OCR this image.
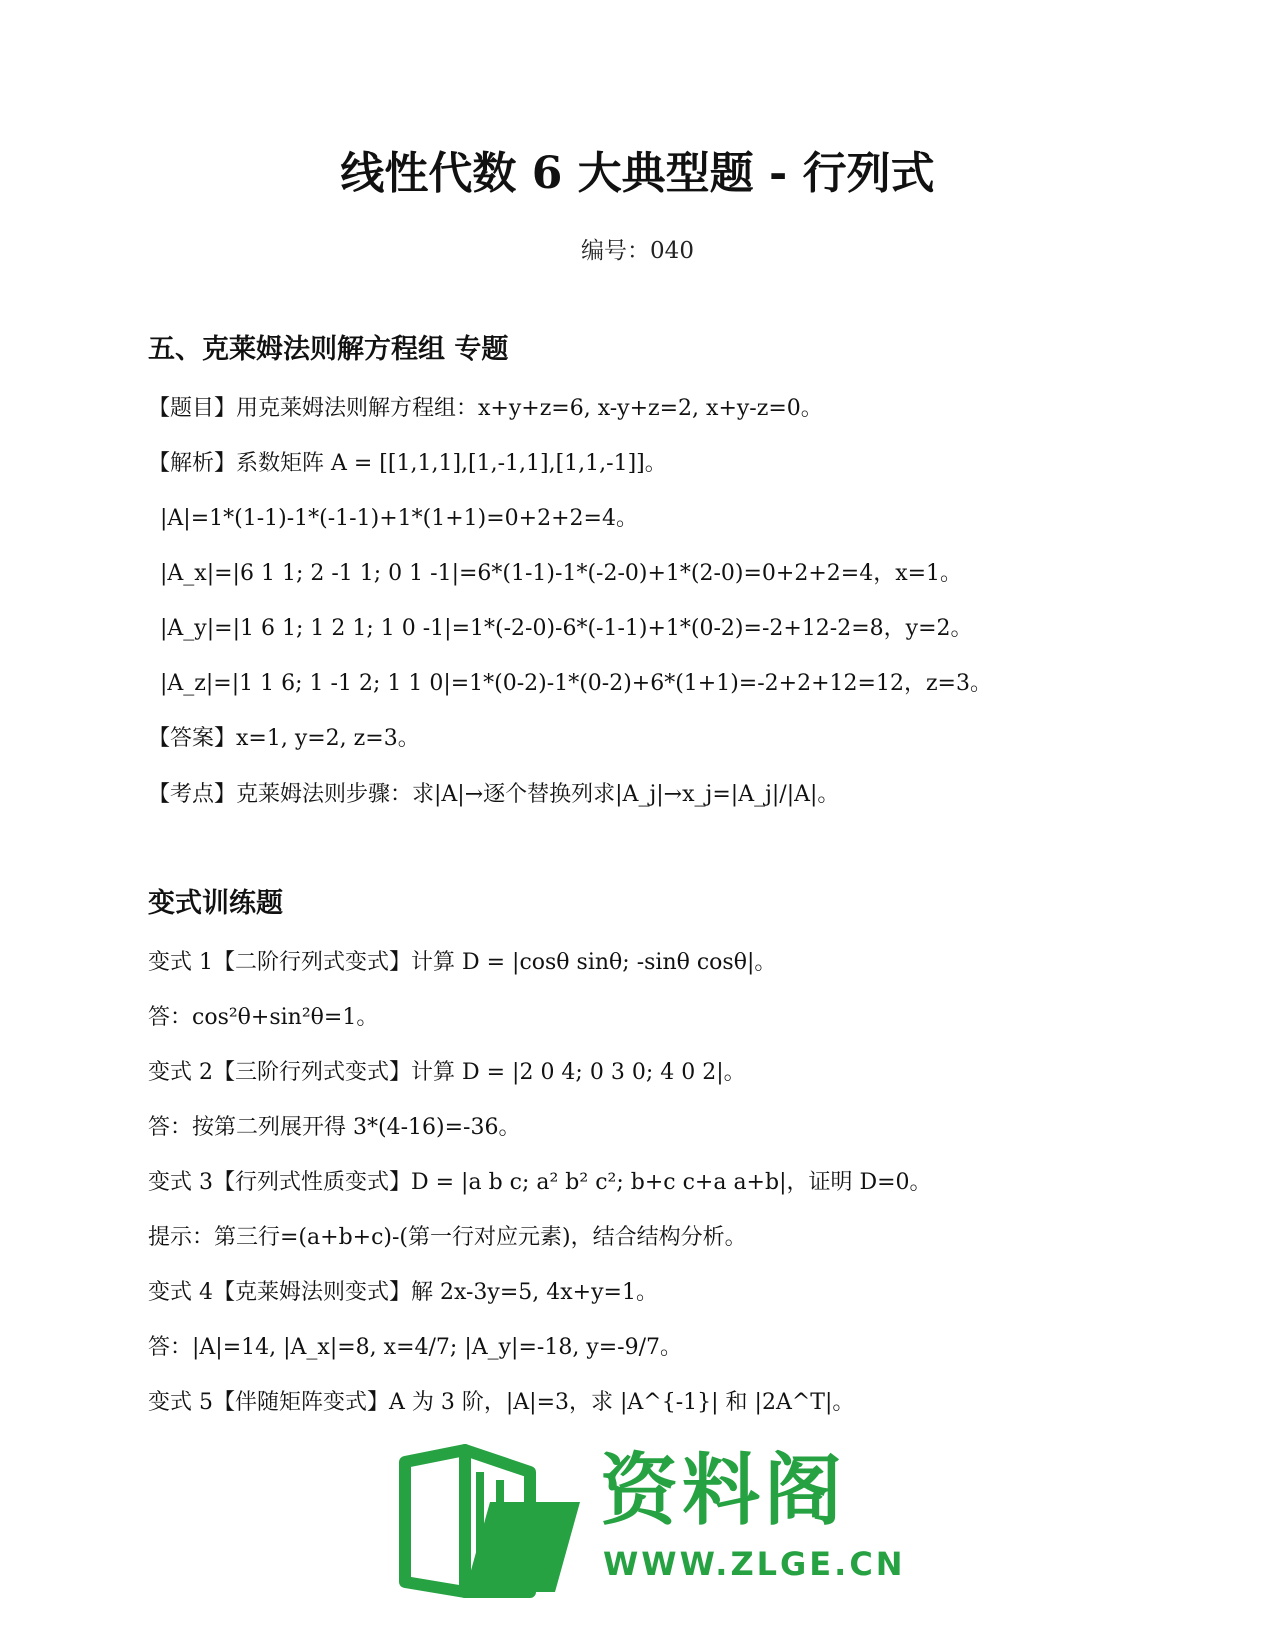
线性代数 6 大典型题 - 行列式
编号：040
五、克莱姆法则解方程组 专题
【题目】用克莱姆法则解方程组：x+y+z=6, x-y+z=2, x+y-z=0。
【解析】系数矩阵 A = [[1,1,1],[1,-1,1],[1,1,-1]]。
|A|=1*(1-1)-1*(-1-1)+1*(1+1)=0+2+2=4。
|A_x|=|6 1 1; 2 -1 1; 0 1 -1|=6*(1-1)-1*(-2-0)+1*(2-0)=0+2+2=4，x=1。
|A_y|=|1 6 1; 1 2 1; 1 0 -1|=1*(-2-0)-6*(-1-1)+1*(0-2)=-2+12-2=8，y=2。
|A_z|=|1 1 6; 1 -1 2; 1 1 0|=1*(0-2)-1*(0-2)+6*(1+1)=-2+2+12=12，z=3。
【答案】x=1, y=2, z=3。
【考点】克莱姆法则步骤：求|A|→逐个替换列求|A_j|→x_j=|A_j|/|A|。
变式训练题
变式 1【二阶行列式变式】计算 D = |cosθ sinθ; -sinθ cosθ|。
答：cos²θ+sin²θ=1。
变式 2【三阶行列式变式】计算 D = |2 0 4; 0 3 0; 4 0 2|。
答：按第二列展开得 3*(4-16)=-36。
变式 3【行列式性质变式】D = |a b c; a² b² c²; b+c c+a a+b|，证明 D=0。
提示：第三行=(a+b+c)-(第一行对应元素)，结合结构分析。
变式 4【克莱姆法则变式】解 2x-3y=5, 4x+y=1。
答：|A|=14, |A_x|=8, x=4/7; |A_y|=-18, y=-9/7。
变式 5【伴随矩阵变式】A 为 3 阶，|A|=3，求 |A^{-1}| 和 |2A^T|。
资料阁
WWW.ZLGE.CN
